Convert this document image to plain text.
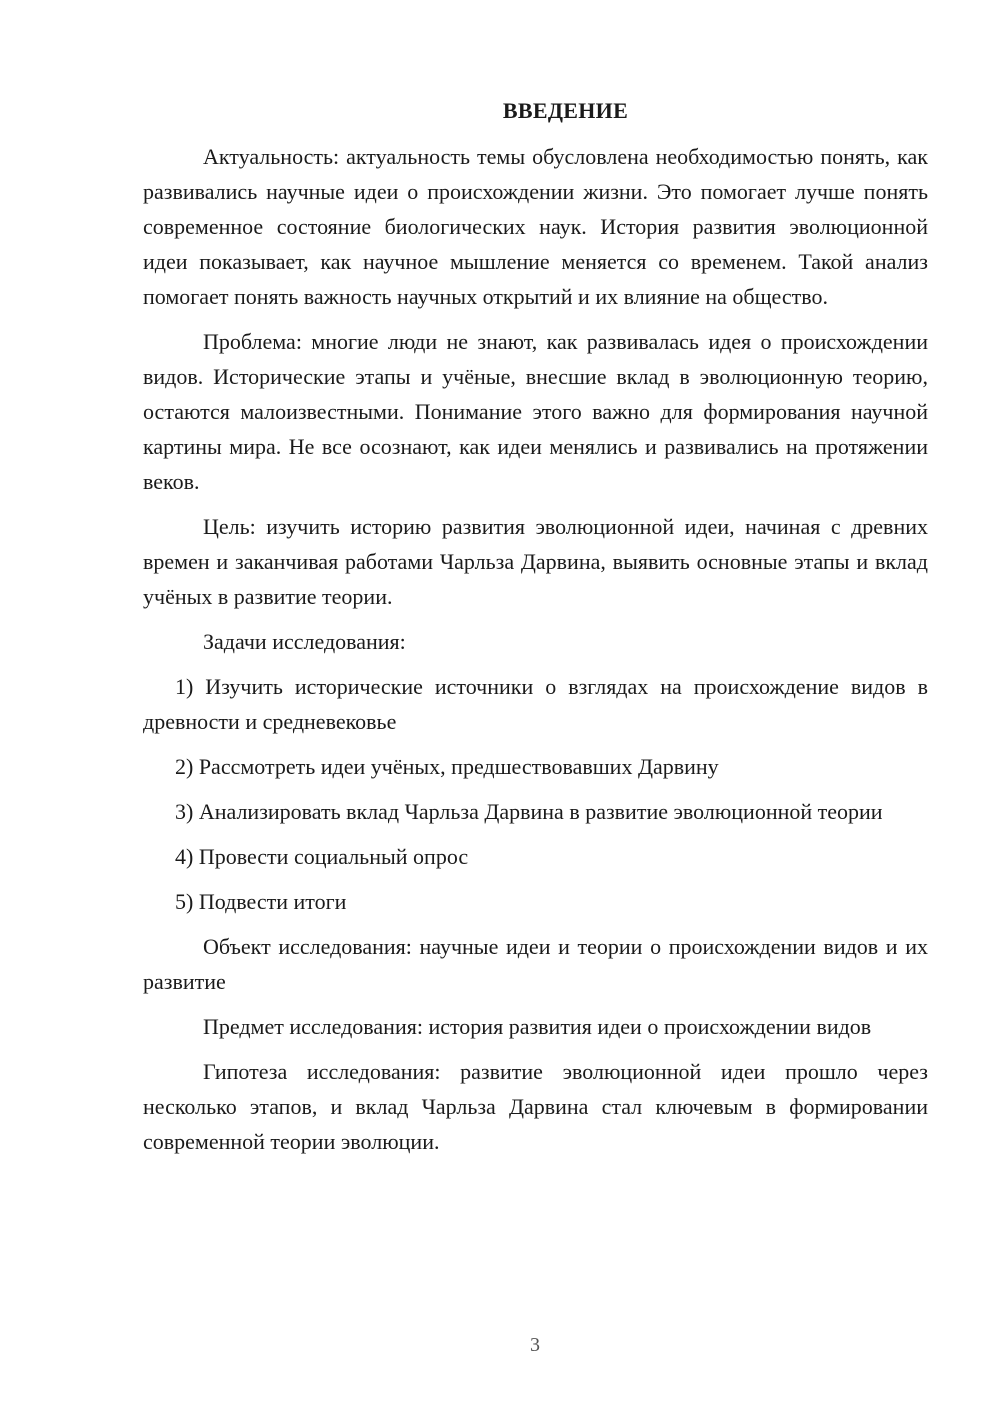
ВВЕДЕНИЕ

Актуальность: актуальность темы обусловлена необходимостью понять, как развивались научные идеи о происхождении жизни. Это помогает лучше понять современное состояние биологических наук. История развития эволюционной идеи показывает, как научное мышление меняется со временем. Такой анализ помогает понять важность научных открытий и их влияние на общество.

Проблема: многие люди не знают, как развивалась идея о происхождении видов. Исторические этапы и учёные, внесшие вклад в эволюционную теорию, остаются малоизвестными. Понимание этого важно для формирования научной картины мира. Не все осознают, как идеи менялись и развивались на протяжении веков.

Цель: изучить историю развития эволюционной идеи, начиная с древних времен и заканчивая работами Чарльза Дарвина, выявить основные этапы и вклад учёных в развитие теории.

Задачи исследования:

1) Изучить исторические источники о взглядах на происхождение видов в древности и средневековье

2) Рассмотреть идеи учёных, предшествовавших Дарвину

3) Анализировать вклад Чарльза Дарвина в развитие эволюционной теории

4) Провести социальный опрос

5) Подвести итоги

Объект исследования: научные идеи и теории о происхождении видов и их развитие

Предмет исследования: история развития идеи о происхождении видов

Гипотеза исследования: развитие эволюционной идеи прошло через несколько этапов, и вклад Чарльза Дарвина стал ключевым в формировании современной теории эволюции.

3
